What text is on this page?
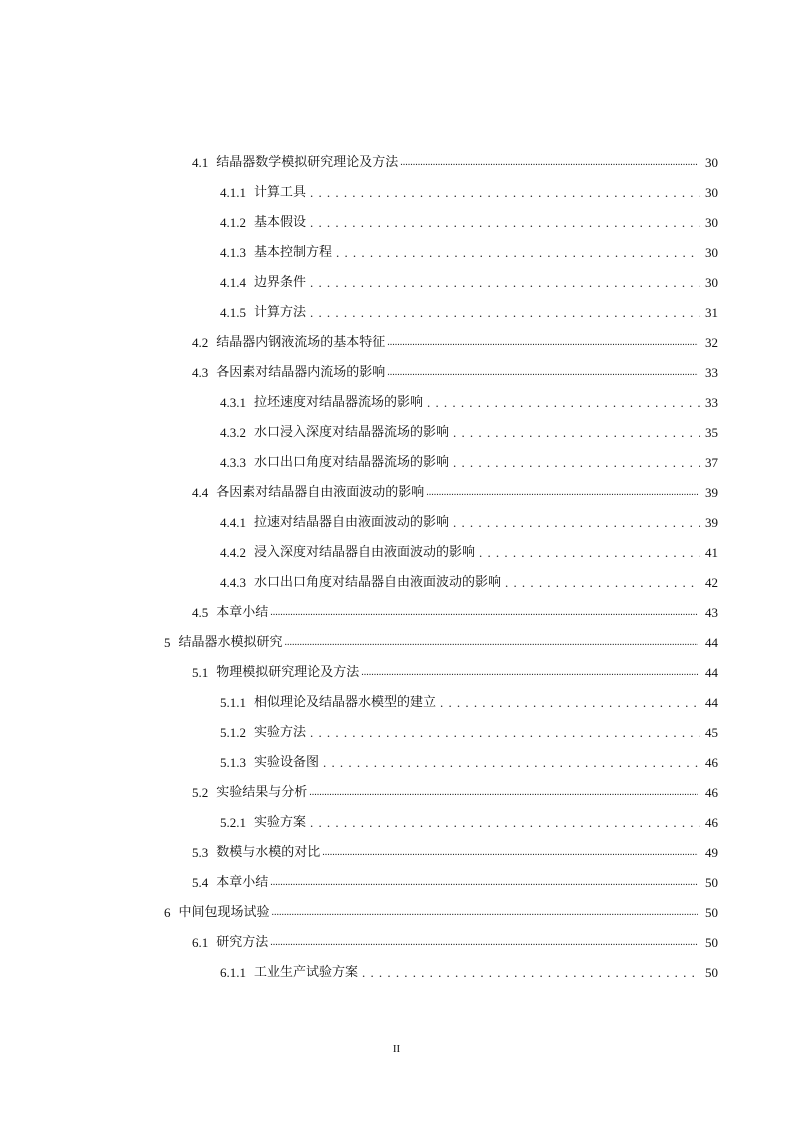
4.1 结晶器数学模拟研究理论及方法 .....	30
4.1.1 计算工具 .....	30
4.1.2 基本假设 .....	30
4.1.3 基本控制方程 .....	30
4.1.4 边界条件 .....	30
4.1.5 计算方法 .....	31
4.2 结晶器内钢液流场的基本特征 .....	32
4.3 各因素对结晶器内流场的影响 .....	33
4.3.1 拉坯速度对结晶器流场的影响 .....	33
4.3.2 水口浸入深度对结晶器流场的影响 .....	35
4.3.3 水口出口角度对结晶器流场的影响 .....	37
4.4 各因素对结晶器自由液面波动的影响 .....	39
4.4.1 拉速对结晶器自由液面波动的影响 .....	39
4.4.2 浸入深度对结晶器自由液面波动的影响 .....	41
4.4.3 水口出口角度对结晶器自由液面波动的影响 .....	42
4.5 本章小结 .....	43
5 结晶器水模拟研究 .....	44
5.1 物理模拟研究理论及方法 .....	44
5.1.1 相似理论及结晶器水模型的建立 .....	44
5.1.2 实验方法 .....	45
5.1.3 实验设备图 .....	46
5.2 实验结果与分析 .....	46
5.2.1 实验方案 .....	46
5.3 数模与水模的对比 .....	49
5.4 本章小结 .....	50
6 中间包现场试验 .....	50
6.1 研究方法 .....	50
6.1.1 工业生产试验方案 .....	50
II
